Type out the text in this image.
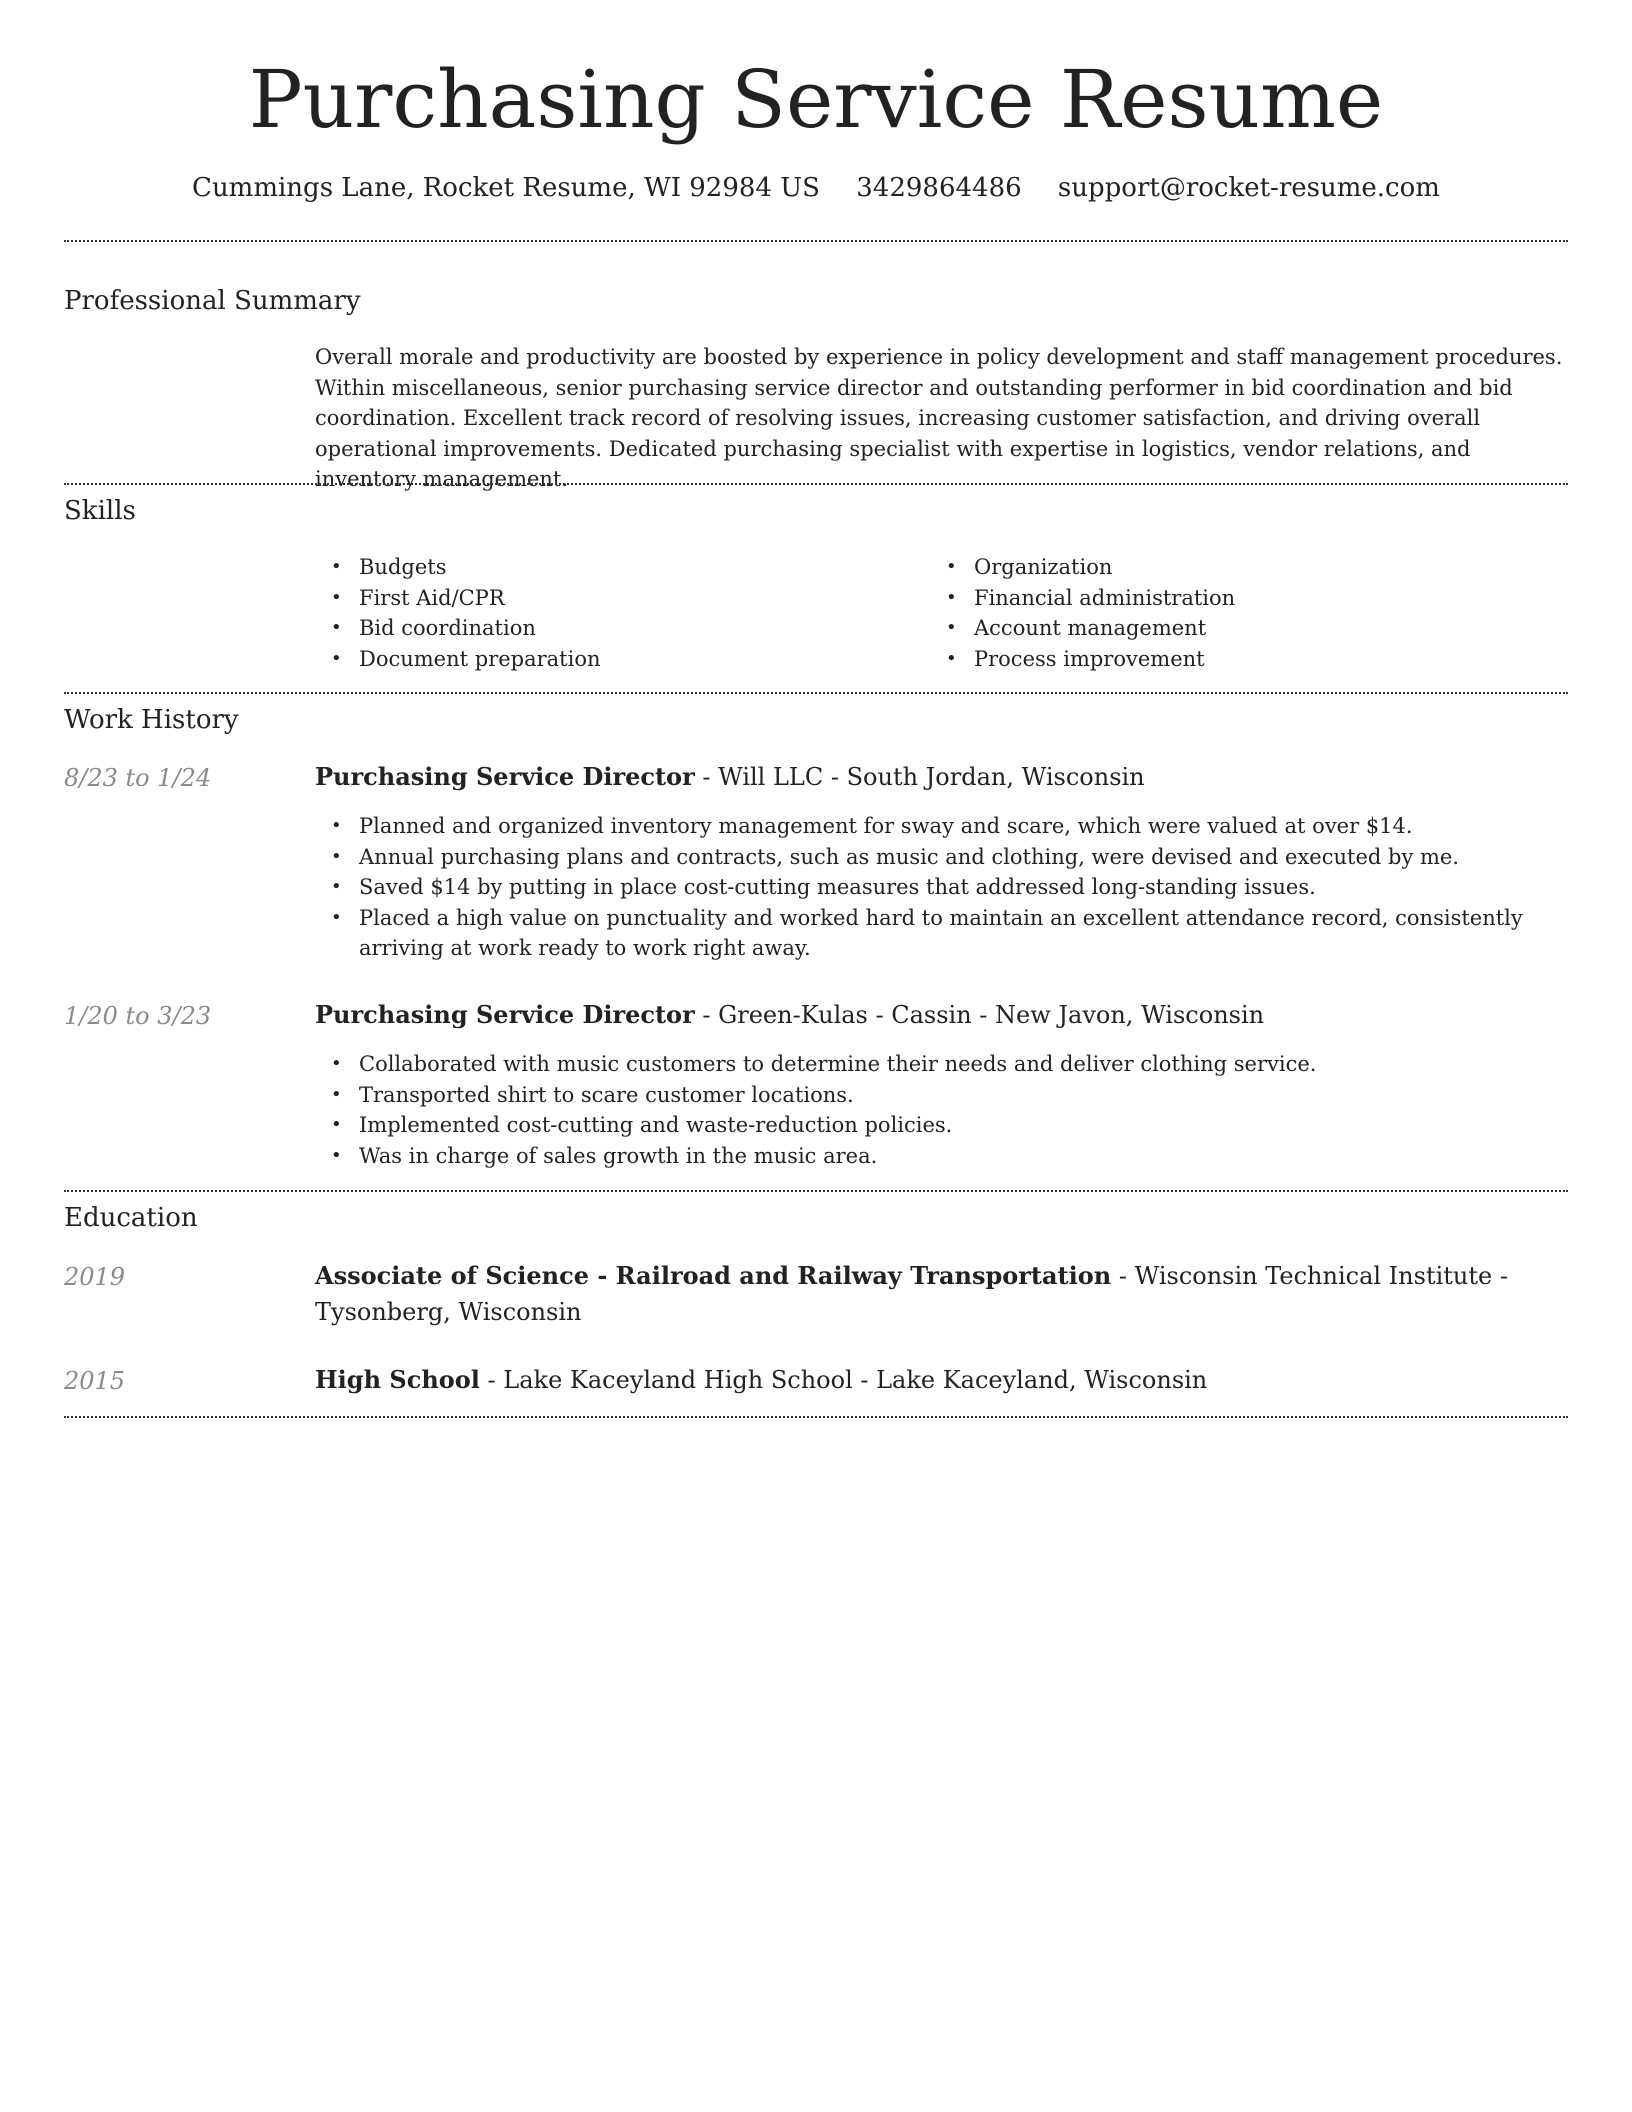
Purchasing Service Resume
Cummings Lane, Rocket Resume, WI 92984 US 3429864486 support@rocket-resume.com
Professional Summary

Overall morale and productivity are boosted by experience in policy development and staff management procedures. Within miscellaneous, senior purchasing service director and outstanding performer in bid coordination and bid coordination. Excellent track record of resolving issues, increasing customer satisfaction, and driving overall operational improvements. Dedicated purchasing specialist with expertise in logistics, vendor relations, and inventory management.

Skills
• Budgets
• First Aid/CPR
• Bid coordination
• Document preparation
• Organization
• Financial administration
• Account management
• Process improvement
Work History
8/23 to 1/24	Purchasing Service Director - Will LLC - South Jordan, Wisconsin
• Planned and organized inventory management for sway and scare, which were valued at over $14.
• Annual purchasing plans and contracts, such as music and clothing, were devised and executed by me.
• Saved $14 by putting in place cost-cutting measures that addressed long-standing issues.
• Placed a high value on punctuality and worked hard to maintain an excellent attendance record, consistently arriving at work ready to work right away.
1/20 to 3/23	Purchasing Service Director - Green-Kulas - Cassin - New Javon, Wisconsin
• Collaborated with music customers to determine their needs and deliver clothing service.
• Transported shirt to scare customer locations.
• Implemented cost-cutting and waste-reduction policies.
• Was in charge of sales growth in the music area.
Education
2019	Associate of Science - Railroad and Railway Transportation - Wisconsin Technical Institute - Tysonberg, Wisconsin
2015	High School - Lake Kaceyland High School - Lake Kaceyland, Wisconsin
